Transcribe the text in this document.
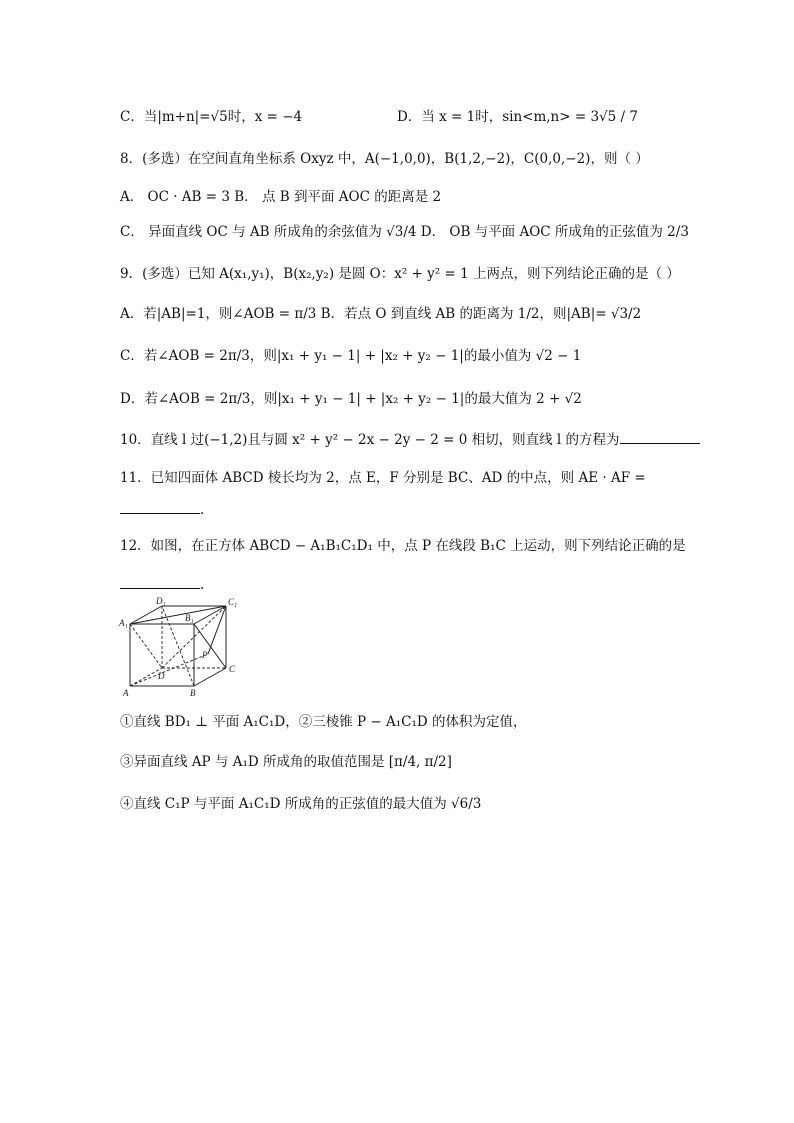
C．当|m+n|=√5时，x = −4	D．当 x = 1时，sin<m,n> = 3√5 / 7
8．(多选）在空间直角坐标系 Oxyz 中，A(−1,0,0)，B(1,2,−2)，C(0,0,−2)，则（ ）
A． OC · AB = 3 B． 点 B 到平面 AOC 的距离是 2
C． 异面直线 OC 与 AB 所成角的余弦值为 √3/4 D． OB 与平面 AOC 所成角的正弦值为 2/3
9．(多选）已知 A(x₁,y₁)，B(x₂,y₂) 是圆 O：x² + y² = 1 上两点，则下列结论正确的是（ ）
A．若|AB|=1，则∠AOB = π/3 B．若点 O 到直线 AB 的距离为 1/2，则|AB|= √3/2
C．若∠AOB = 2π/3，则|x₁ + y₁ − 1| + |x₂ + y₂ − 1|的最小值为 √2 − 1
D．若∠AOB = 2π/3，则|x₁ + y₁ − 1| + |x₂ + y₂ − 1|的最大值为 2 + √2
10．直线 l 过(−1,2)且与圆 x² + y² − 2x − 2y − 2 = 0 相切，则直线 l 的方程为
11．已知四面体 ABCD 棱长均为 2，点 E，F 分别是 BC、AD 的中点，则 AE · AF =
.
12．如图，在正方体 ABCD − A₁B₁C₁D₁ 中，点 P 在线段 B₁C 上运动，则下列结论正确的是
.
D₁	C₁
A₁	B₁
P
C
D
A	B
①直线 BD₁ ⊥ 平面 A₁C₁D，②三棱锥 P − A₁C₁D 的体积为定值，
③异面直线 AP 与 A₁D 所成角的取值范围是 [π/4, π/2]
④直线 C₁P 与平面 A₁C₁D 所成角的正弦值的最大值为 √6/3
